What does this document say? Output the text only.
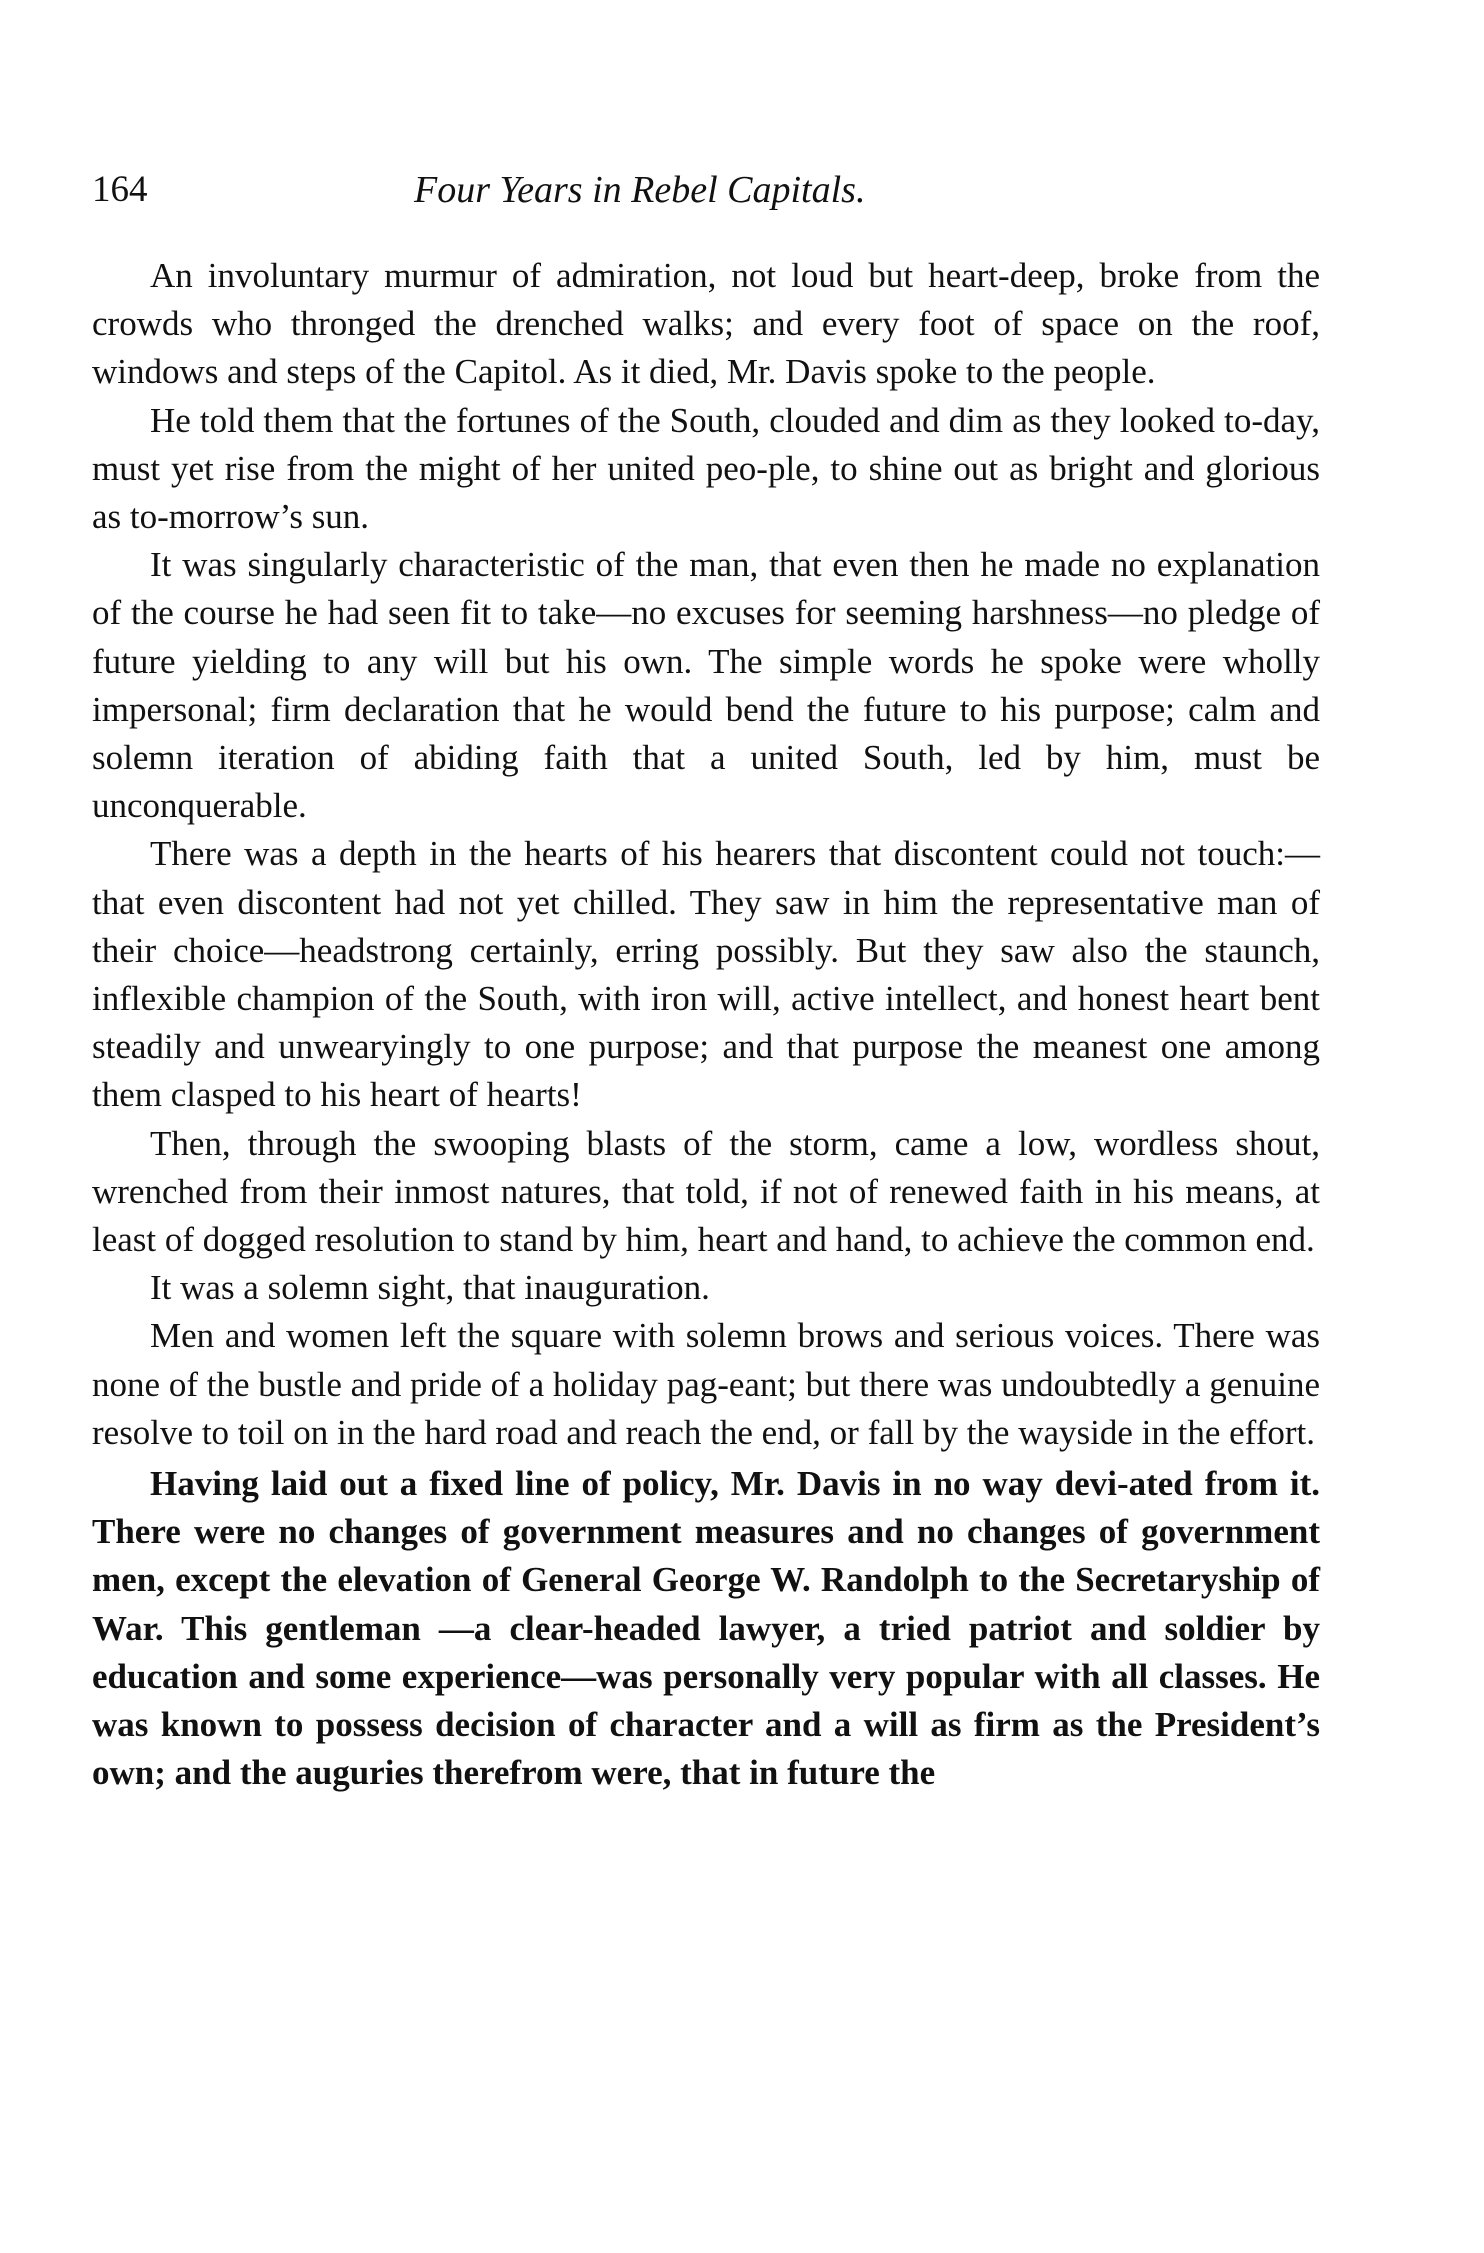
164	Four Years in Rebel Capitals.

An involuntary murmur of admiration, not loud but heart-deep, broke from the crowds who thronged the drenched walks; and every foot of space on the roof, windows and steps of the Capitol. As it died, Mr. Davis spoke to the people.

He told them that the fortunes of the South, clouded and dim as they looked to-day, must yet rise from the might of her united peo-ple, to shine out as bright and glorious as to-morrow’s sun.

It was singularly characteristic of the man, that even then he made no explanation of the course he had seen fit to take—no excuses for seeming harshness—no pledge of future yielding to any will but his own. The simple words he spoke were wholly impersonal; firm declaration that he would bend the future to his purpose; calm and solemn iteration of abiding faith that a united South, led by him, must be unconquerable.

There was a depth in the hearts of his hearers that discontent could not touch:—that even discontent had not yet chilled. They saw in him the representative man of their choice—headstrong certainly, erring possibly. But they saw also the staunch, inflexible champion of the South, with iron will, active intellect, and honest heart bent steadily and unwearyingly to one purpose; and that purpose the meanest one among them clasped to his heart of hearts!

Then, through the swooping blasts of the storm, came a low, wordless shout, wrenched from their inmost natures, that told, if not of renewed faith in his means, at least of dogged resolution to stand by him, heart and hand, to achieve the common end.

It was a solemn sight, that inauguration.

Men and women left the square with solemn brows and serious voices. There was none of the bustle and pride of a holiday pag-eant; but there was undoubtedly a genuine resolve to toil on in the hard road and reach the end, or fall by the wayside in the effort.

Having laid out a fixed line of policy, Mr. Davis in no way devi-ated from it. There were no changes of government measures and no changes of government men, except the elevation of General George W. Randolph to the Secretaryship of War. This gentleman —a clear-headed lawyer, a tried patriot and soldier by education and some experience—was personally very popular with all classes. He was known to possess decision of character and a will as firm as the President’s own; and the auguries therefrom were, that in future the
